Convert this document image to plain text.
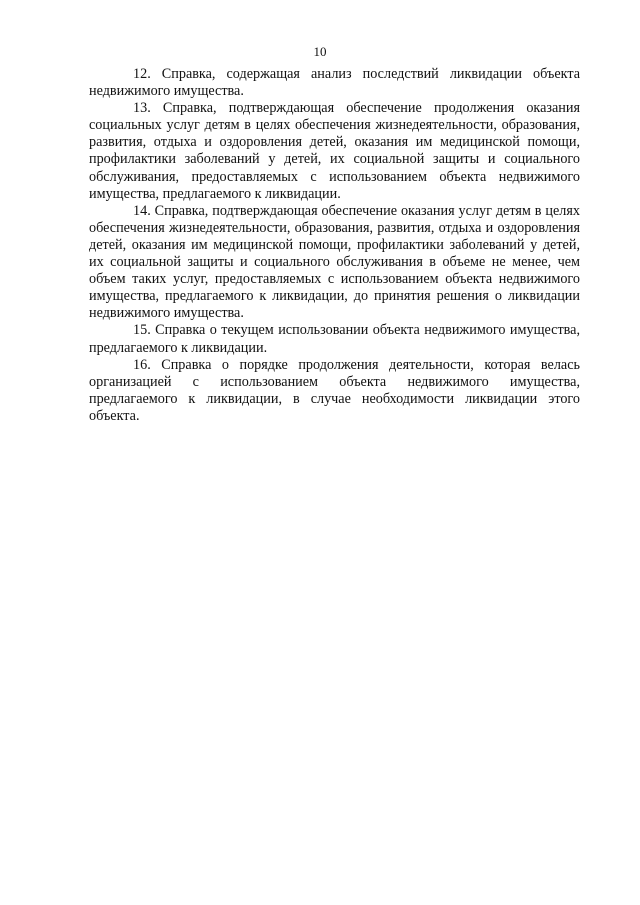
10

12. Справка, содержащая анализ последствий ликвидации объекта недвижимого имущества.

13. Справка, подтверждающая обеспечение продолжения оказания социальных услуг детям в целях обеспечения жизнедеятельности, образования, развития, отдыха и оздоровления детей, оказания им медицинской помощи, профилактики заболеваний у детей, их социальной защиты и социального обслуживания, предоставляемых с использованием объекта недвижимого имущества, предлагаемого к ликвидации.

14. Справка, подтверждающая обеспечение оказания услуг детям в целях обеспечения жизнедеятельности, образования, развития, отдыха и оздоровления детей, оказания им медицинской помощи, профилактики заболеваний у детей, их социальной защиты и социального обслуживания в объеме не менее, чем объем таких услуг, предоставляемых с использованием объекта недвижимого имущества, предлагаемого к ликвидации, до принятия решения о ликвидации недвижимого имущества.

15. Справка о текущем использовании объекта недвижимого имущества, предлагаемого к ликвидации.

16. Справка о порядке продолжения деятельности, которая велась организацией с использованием объекта недвижимого имущества, предлагаемого к ликвидации, в случае необходимости ликвидации этого объекта.
